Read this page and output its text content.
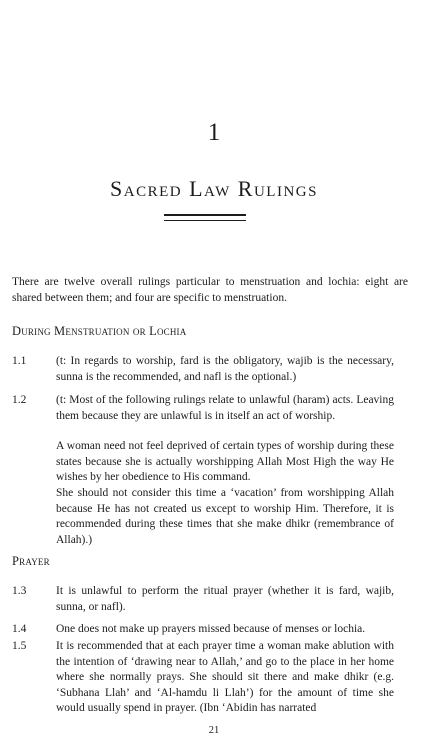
1
Sacred Law Rulings

There are twelve overall rulings particular to menstruation and lochia: eight are shared between them; and four are specific to menstruation.

During Menstruation or Lochia
1.1	(t: In regards to worship, fard is the obligatory, wajib is the necessary, sunna is the recommended, and nafl is the optional.)

1.2	(t: Most of the following rulings relate to unlawful (haram) acts. Leaving them because they are unlawful is in itself an act of worship.

A woman need not feel deprived of certain types of worship during these states because she is actually worshipping Allah Most High the way He wishes by her obedience to His command.

She should not consider this time a ‘vacation’ from worshipping Allah because He has not created us except to worship Him. Therefore, it is recommended during these times that she make dhikr (remembrance of Allah).)

Prayer
1.3	It is unlawful to perform the ritual prayer (whether it is fard, wajib, sunna, or nafl).

1.4	One does not make up prayers missed because of menses or lochia.

1.5	It is recommended that at each prayer time a woman make ablution with the intention of ‘drawing near to Allah,’ and go to the place in her home where she normally prays. She should sit there and make dhikr (e.g. ‘Subhana Llah’ and ‘Al-hamdu li Llah’) for the amount of time she would usually spend in prayer. (Ibn ‘Abidin has narrated

21
